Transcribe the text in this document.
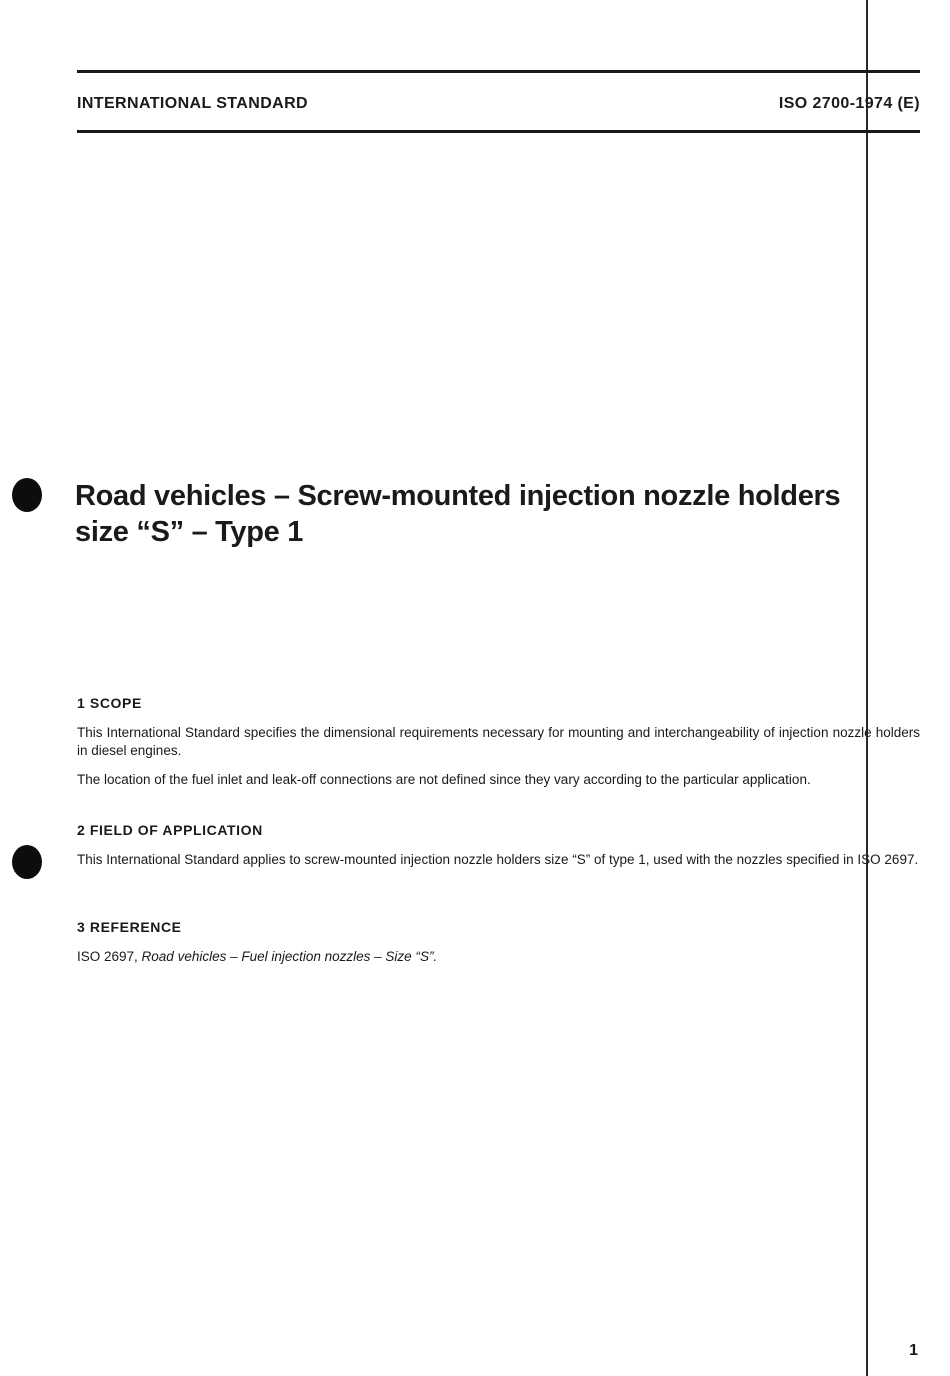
INTERNATIONAL STANDARD	ISO 2700-1974 (E)
Road vehicles – Screw-mounted injection nozzle holders
size “S” – Type 1
1 SCOPE

This International Standard specifies the dimensional requirements necessary for mounting and interchangeability of injection nozzle holders in diesel engines.

The location of the fuel inlet and leak-off connections are not defined since they vary according to the particular application.

2 FIELD OF APPLICATION

This International Standard applies to screw-mounted injection nozzle holders size “S” of type 1, used with the nozzles specified in ISO 2697.

3 REFERENCE

ISO 2697, Road vehicles – Fuel injection nozzles – Size “S”.

1
